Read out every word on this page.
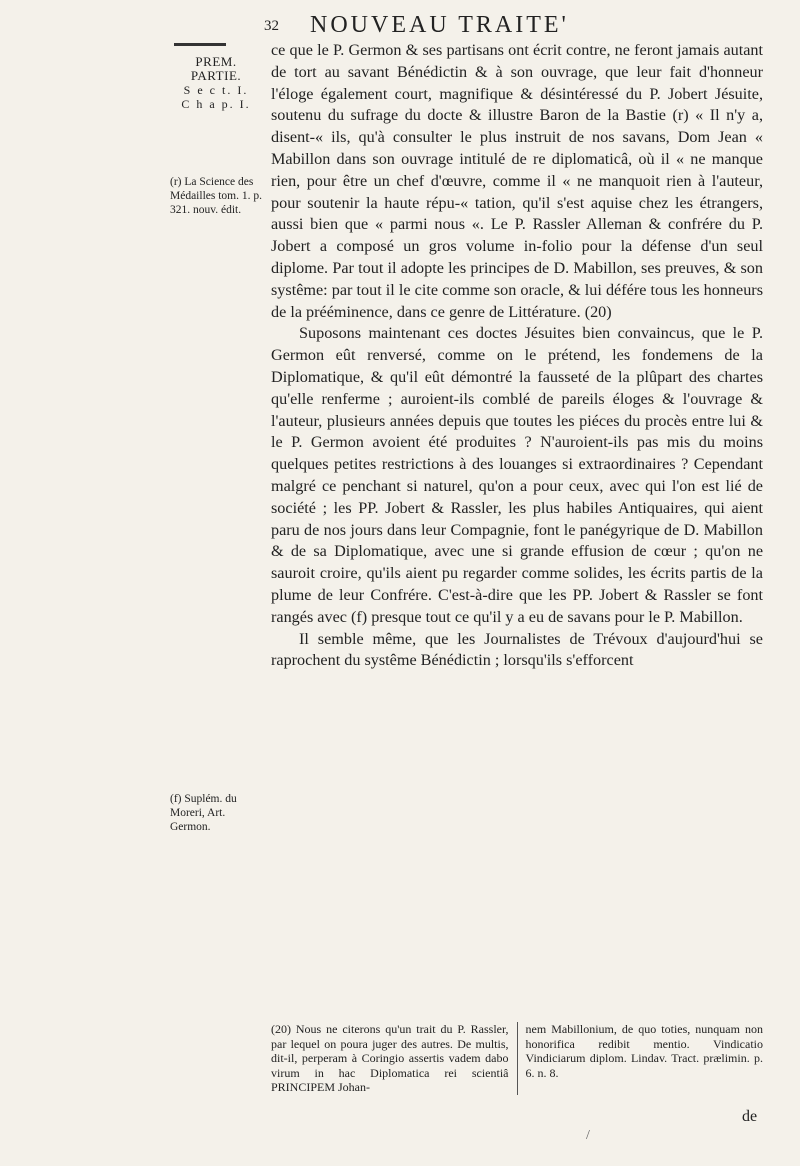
32 NOUVEAU TRAITE'
PREM. PARTIE.
S e c t. I.
C h a p. I.
(r) La Science des Médailles tom. 1. p. 321. nouv. édit.
(f) Suplém. du Moreri, Art. Germon.

ce que le P. Germon & ses partisans ont écrit contre, ne feront jamais autant de tort au savant Bénédictin & à son ouvrage, que leur fait d'honneur l'éloge également court, magnifique & désintéressé du P. Jobert Jésuite, soutenu du sufrage du docte & illustre Baron de la Bastie (r) « Il n'y a, disent-« ils, qu'à consulter le plus instruit de nos savans, Dom Jean « Mabillon dans son ouvrage intitulé de re diplomaticâ, où il « ne manque rien, pour être un chef d'œuvre, comme il « ne manquoit rien à l'auteur, pour soutenir la haute répu-« tation, qu'il s'est aquise chez les étrangers, aussi bien que « parmi nous «. Le P. Rassler Alleman & confrére du P. Jobert a composé un gros volume in-folio pour la défense d'un seul diplome. Par tout il adopte les principes de D. Mabillon, ses preuves, & son systême: par tout il le cite comme son oracle, & lui défére tous les honneurs de la prééminence, dans ce genre de Littérature. (20)

Suposons maintenant ces doctes Jésuites bien convaincus, que le P. Germon eût renversé, comme on le prétend, les fondemens de la Diplomatique, & qu'il eût démontré la fausseté de la plûpart des chartes qu'elle renferme ; auroient-ils comblé de pareils éloges & l'ouvrage & l'auteur, plusieurs années depuis que toutes les piéces du procès entre lui & le P. Germon avoient été produites ? N'auroient-ils pas mis du moins quelques petites restrictions à des louanges si extraordinaires ? Cependant malgré ce penchant si naturel, qu'on a pour ceux, avec qui l'on est lié de société ; les PP. Jobert & Rassler, les plus habiles Antiquaires, qui aient paru de nos jours dans leur Compagnie, font le panégyrique de D. Mabillon & de sa Diplomatique, avec une si grande effusion de cœur ; qu'on ne sauroit croire, qu'ils aient pu regarder comme solides, les écrits partis de la plume de leur Confrére. C'est-à-dire que les PP. Jobert & Rassler se font rangés avec (f) presque tout ce qu'il y a eu de savans pour le P. Mabillon.

Il semble même, que les Journalistes de Trévoux d'aujourd'hui se raprochent du systême Bénédictin ; lorsqu'ils s'efforcent

(20) Nous ne citerons qu'un trait du P. Rassler, par lequel on poura juger des autres. De multis, dit-il, perperam à Coringio assertis vadem dabo virum in hac Diplomatica rei scientiâ PRINCIPEM Johan-
nem Mabillonium, de quo toties, nunquam non honorifica redibit mentio. Vindicatio Vindiciarum diplom. Lindav. Tract. prælimin. p. 6. n. 8.
de
/
